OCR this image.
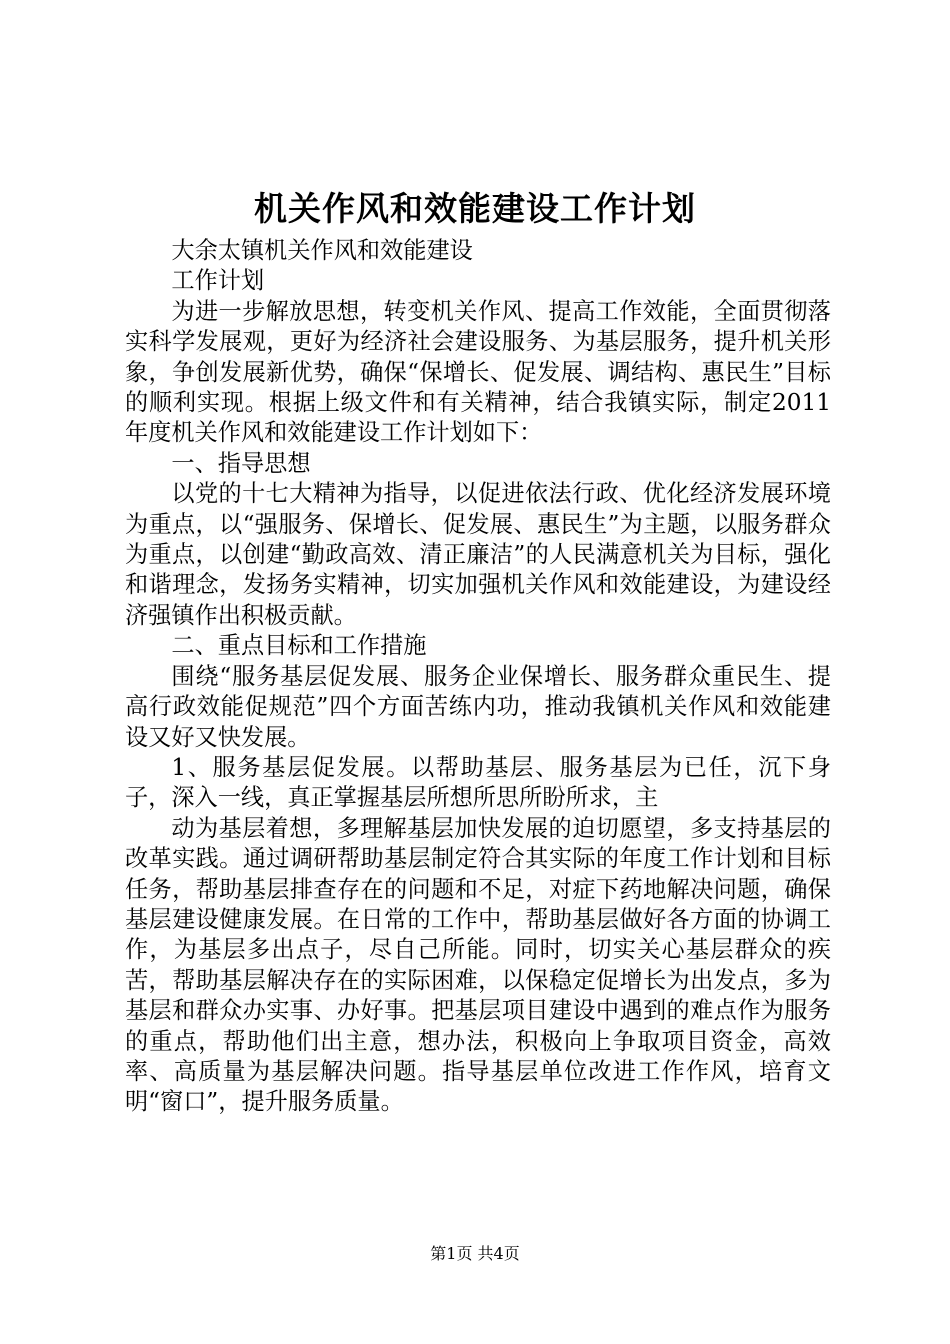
机关作风和效能建设工作计划

大余太镇机关作风和效能建设

工作计划

为进一步解放思想，转变机关作风、提高工作效能，全面贯彻落实科学发展观，更好为经济社会建设服务、为基层服务，提升机关形象，争创发展新优势，确保“保增长、促发展、调结构、惠民生”目标的顺利实现。根据上级文件和有关精神，结合我镇实际，制定2011年度机关作风和效能建设工作计划如下：

一、指导思想

以党的十七大精神为指导，以促进依法行政、优化经济发展环境为重点，以“强服务、保增长、促发展、惠民生”为主题，以服务群众为重点，以创建“勤政高效、清正廉洁”的人民满意机关为目标，强化和谐理念，发扬务实精神，切实加强机关作风和效能建设，为建设经济强镇作出积极贡献。

二、重点目标和工作措施

围绕“服务基层促发展、服务企业保增长、服务群众重民生、提高行政效能促规范”四个方面苦练内功，推动我镇机关作风和效能建设又好又快发展。

1、服务基层促发展。以帮助基层、服务基层为已任，沉下身子，深入一线，真正掌握基层所想所思所盼所求，主

动为基层着想，多理解基层加快发展的迫切愿望，多支持基层的改革实践。通过调研帮助基层制定符合其实际的年度工作计划和目标任务，帮助基层排查存在的问题和不足，对症下药地解决问题，确保基层建设健康发展。在日常的工作中，帮助基层做好各方面的协调工作，为基层多出点子，尽自己所能。同时，切实关心基层群众的疾苦，帮助基层解决存在的实际困难，以保稳定促增长为出发点，多为基层和群众办实事、办好事。把基层项目建设中遇到的难点作为服务的重点，帮助他们出主意，想办法，积极向上争取项目资金，高效率、高质量为基层解决问题。指导基层单位改进工作作风，培育文明“窗口”，提升服务质量。

第1页 共4页
